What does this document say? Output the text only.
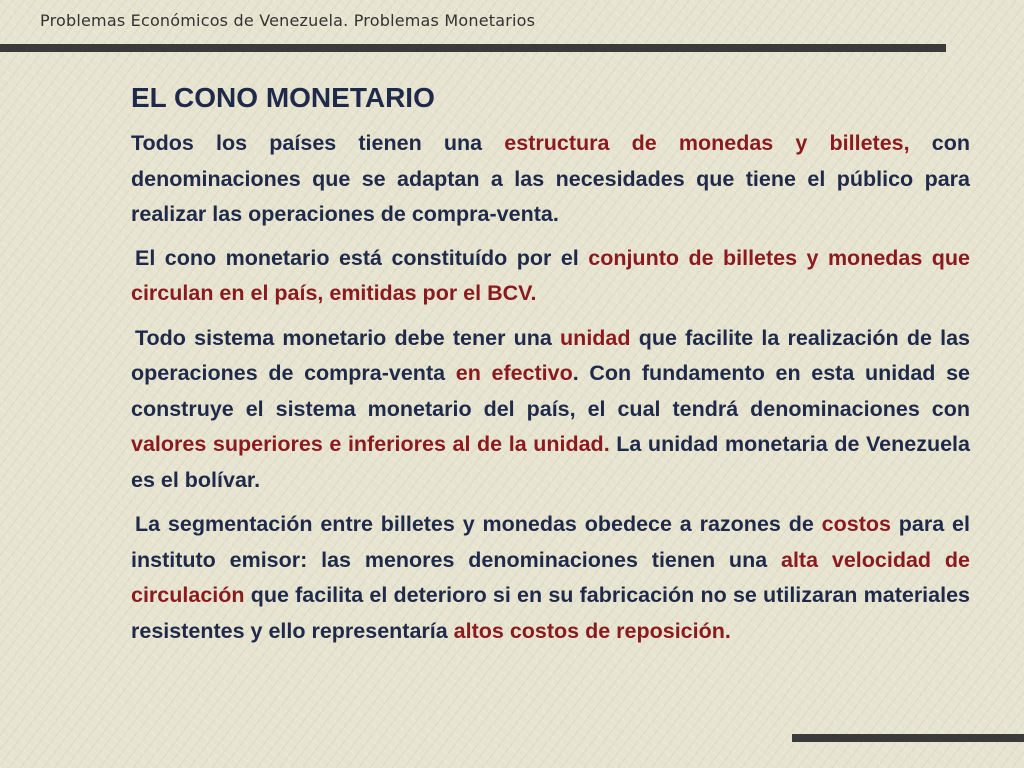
Problemas Económicos de Venezuela. Problemas Monetarios
EL CONO MONETARIO

Todos los países tienen una estructura de monedas y billetes, con denominaciones que se adaptan a las necesidades que tiene el público para realizar las operaciones de compra-venta.

El cono monetario está constituído por el conjunto de billetes y monedas que circulan en el país, emitidas por el BCV.

Todo sistema monetario debe tener una unidad que facilite la realización de las operaciones de compra-venta en efectivo. Con fundamento en esta unidad se construye el sistema monetario del país, el cual tendrá denominaciones con valores superiores e inferiores al de la unidad. La unidad monetaria de Venezuela es el bolívar.

La segmentación entre billetes y monedas obedece a razones de costos para el instituto emisor: las menores denominaciones tienen una alta velocidad de circulación que facilita el deterioro si en su fabricación no se utilizaran materiales resistentes y ello representaría altos costos de reposición.
